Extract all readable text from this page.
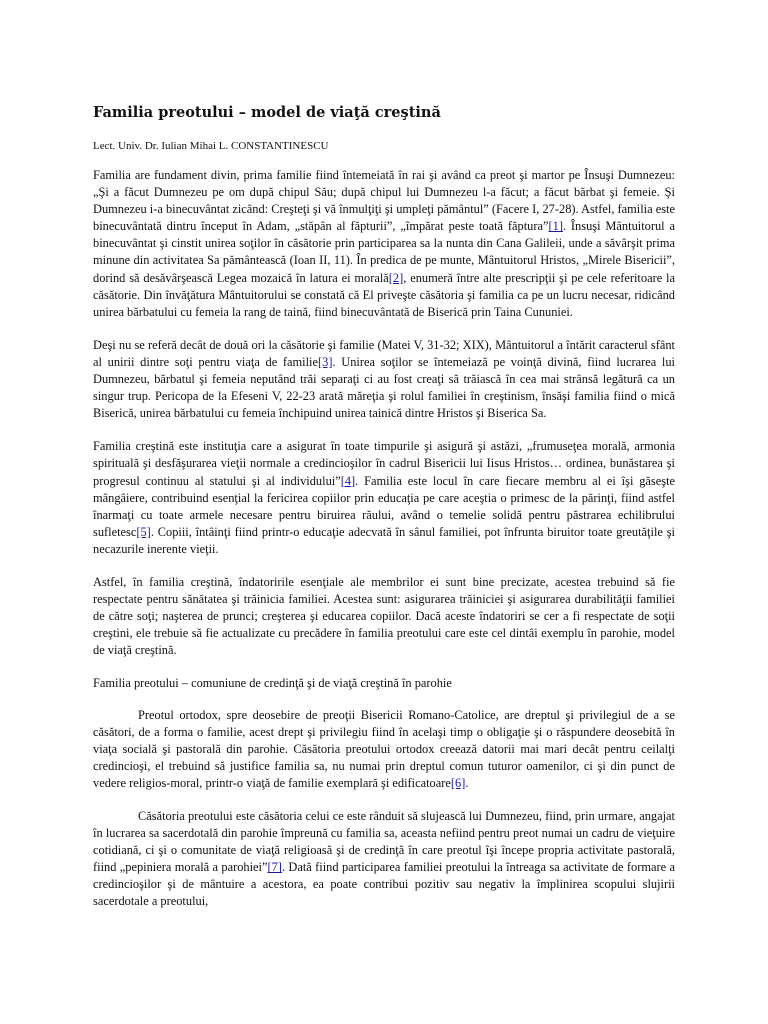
Familia preotului – model de viaţă creştină

Lect. Univ. Dr. Iulian Mihai L. CONSTANTINESCU

Familia are fundament divin, prima familie fiind întemeiată în rai şi având ca preot şi martor pe Însuşi Dumnezeu: „Şi a făcut Dumnezeu pe om după chipul Său; după chipul lui Dumnezeu l-a făcut; a făcut bărbat şi femeie. Şi Dumnezeu i-a binecuvântat zicând: Creşteţi şi vă înmulţiţi şi umpleţi pământul” (Facere I, 27-28). Astfel, familia este binecuvântată dintru început în Adam, „stăpân al făpturii”, „împărat peste toată făptura”[1]. Însuşi Mântuitorul a binecuvântat şi cinstit unirea soţilor în căsătorie prin participarea sa la nunta din Cana Galileii, unde a săvârşit prima minune din activitatea Sa pământească (Ioan II, 11). În predica de pe munte, Mântuitorul Hristos, „Mirele Bisericii”, dorind să desăvârşească Legea mozaică în latura ei morală[2], enumeră între alte prescripţii şi pe cele referitoare la căsătorie. Din învăţătura Mântuitorului se constată că El priveşte căsătoria şi familia ca pe un lucru necesar, ridicând unirea bărbatului cu femeia la rang de taină, fiind binecuvântată de Biserică prin Taina Cununiei.

Deşi nu se referă decât de două ori la căsătorie şi familie (Matei V, 31-32; XIX), Mântuitorul a întărit caracterul sfânt al unirii dintre soţi pentru viaţa de familie[3]. Unirea soţilor se întemeiază pe voinţă divină, fiind lucrarea lui Dumnezeu, bărbatul şi femeia neputând trăi separaţi ci au fost creaţi să trăiască în cea mai strânsă legătură ca un singur trup. Pericopa de la Efeseni V, 22-23 arată măreţia şi rolul familiei în creştinism, însăşi familia fiind o mică Biserică, unirea bărbatului cu femeia închipuind unirea tainică dintre Hristos şi Biserica Sa.

Familia creştină este instituţia care a asigurat în toate timpurile şi asigură şi astăzi, „frumuseţea morală, armonia spirituală şi desfăşurarea vieţii normale a credincioşilor în cadrul Bisericii lui Iisus Hristos… ordinea, bunăstarea şi progresul continuu al statului şi al individului”[4]. Familia este locul în care fiecare membru al ei îşi găseşte mângâiere, contribuind esenţial la fericirea copiilor prin educaţia pe care aceştia o primesc de la părinţi, fiind astfel înarmaţi cu toate armele necesare pentru biruirea răului, având o temelie solidă pentru păstrarea echilibrului sufletesc[5]. Copiii, întâinţi fiind printr-o educaţie adecvată în sânul familiei, pot înfrunta biruitor toate greutăţile şi necazurile inerente vieţii.

Astfel, în familia creştină, îndatoririle esenţiale ale membrilor ei sunt bine precizate, acestea trebuind să fie respectate pentru sănătatea şi trăinicia familiei. Acestea sunt: asigurarea trăiniciei şi asigurarea durabilităţii familiei de către soţi; naşterea de prunci; creşterea şi educarea copiilor. Dacă aceste îndatoriri se cer a fi respectate de soţii creştini, ele trebuie să fie actualizate cu precădere în familia preotului care este cel dintâi exemplu în parohie, model de viaţă creştină.

Familia preotului – comuniune de credinţă şi de viaţă creştină în parohie

Preotul ortodox, spre deosebire de preoţii Bisericii Romano-Catolice, are dreptul şi privilegiul de a se căsători, de a forma o familie, acest drept şi privilegiu fiind în acelaşi timp o obligaţie şi o răspundere deosebită în viaţa socială şi pastorală din parohie. Căsătoria preotului ortodox creează datorii mai mari decât pentru ceilalţi credincioşi, el trebuind să justifice familia sa, nu numai prin dreptul comun tuturor oamenilor, ci şi din punct de vedere religios-moral, printr-o viaţă de familie exemplară şi edificatoare[6].

Căsătoria preotului este căsătoria celui ce este rânduit să slujească lui Dumnezeu, fiind, prin urmare, angajat în lucrarea sa sacerdotală din parohie împreună cu familia sa, aceasta nefiind pentru preot numai un cadru de vieţuire cotidiană, ci şi o comunitate de viaţă religioasă şi de credinţă în care preotul îşi începe propria activitate pastorală, fiind „pepiniera morală a parohiei”[7]. Dată fiind participarea familiei preotului la întreaga sa activitate de formare a credincioşilor şi de mântuire a acestora, ea poate contribui pozitiv sau negativ la împlinirea scopului slujirii sacerdotale a preotului,
